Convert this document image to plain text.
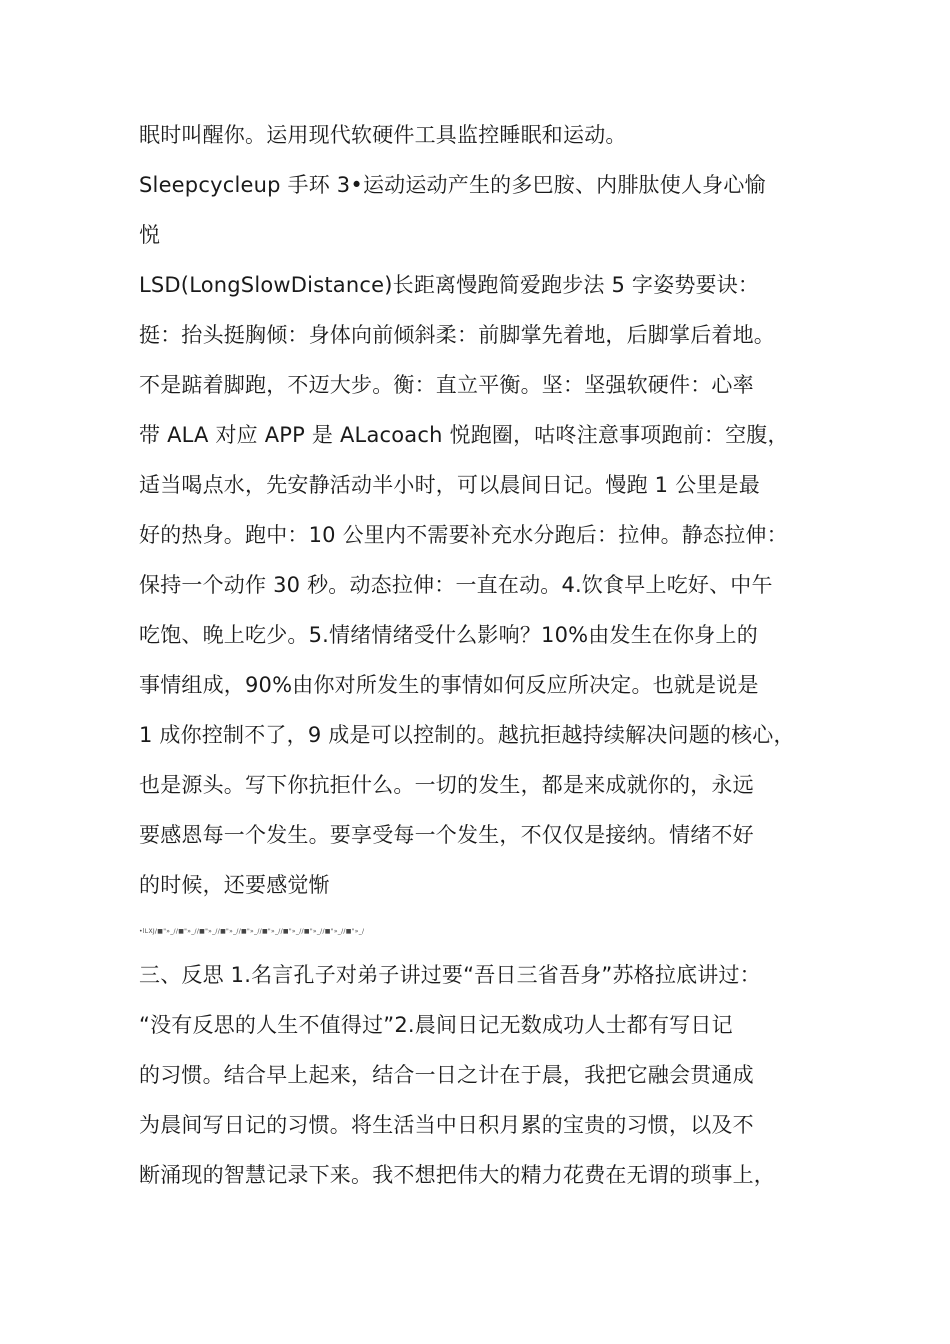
眠时叫醒你。运用现代软硬件工具监控睡眠和运动。
Sleepcycleup 手环 3•运动运动产生的多巴胺、内腓肽使人身心愉
悦
LSD(LongSlowDistance)长距离慢跑简爱跑步法 5 字姿势要诀：
挺：抬头挺胸倾：身体向前倾斜柔：前脚掌先着地，后脚掌后着地。
不是踮着脚跑，不迈大步。衡：直立平衡。坚：坚强软硬件：心率
带 ALA 对应 APP 是 ALacoach 悦跑圈，咕咚注意事项跑前：空腹，
适当喝点水，先安静活动半小时，可以晨间日记。慢跑 1 公里是最
好的热身。跑中：10 公里内不需要补充水分跑后：拉伸。静态拉伸：
保持一个动作 30 秒。动态拉伸：一直在动。4.饮食早上吃好、中午
吃饱、晚上吃少。5.情绪情绪受什么影响？10%由发生在你身上的
事情组成，90%由你对所发生的事情如何反应所决定。也就是说是
1 成你控制不了，9 成是可以控制的。越抗拒越持续解决问题的核心，
也是源头。写下你抗拒什么。一切的发生，都是来成就你的，永远
要感恩每一个发生。要享受每一个发生，不仅仅是接纳。情绪不好
的时候，还要感觉惭
•lLXJ/■"»_//■"»_//■"»_//■"»_//■"»_//■"»_//■"»_//■"»_//■"»_//■"»_/
三、反思 1.名言孔子对弟子讲过要“吾日三省吾身”苏格拉底讲过：
“没有反思的人生不值得过”2.晨间日记无数成功人士都有写日记
的习惯。结合早上起来，结合一日之计在于晨，我把它融会贯通成
为晨间写日记的习惯。将生活当中日积月累的宝贵的习惯，以及不
断涌现的智慧记录下来。我不想把伟大的精力花费在无谓的琐事上，
